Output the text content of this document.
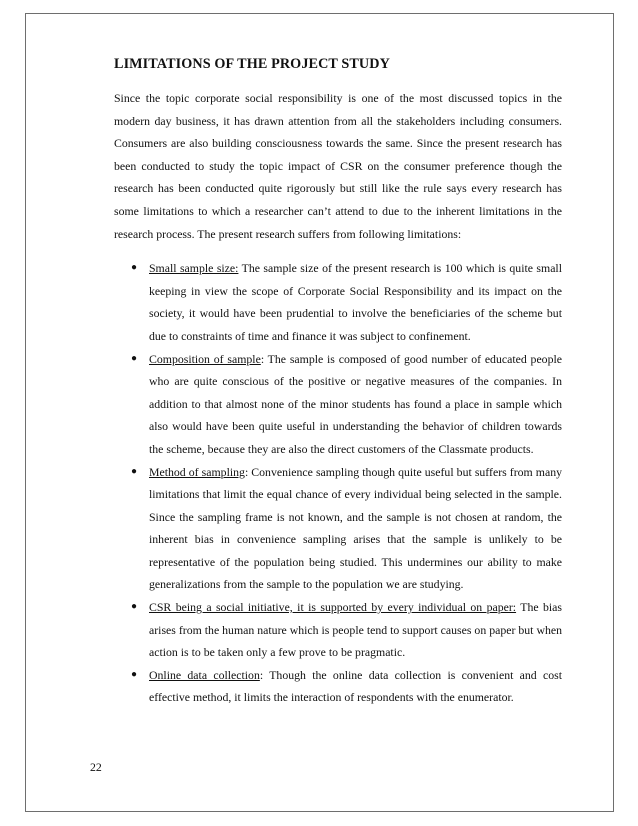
LIMITATIONS OF THE PROJECT STUDY

Since the topic corporate social responsibility is one of the most discussed topics in the modern day business, it has drawn attention from all the stakeholders including consumers. Consumers are also building consciousness towards the same. Since the present research has been conducted to study the topic impact of CSR on the consumer preference though the research has been conducted quite rigorously but still like the rule says every research has some limitations to which a researcher can’t attend to due to the inherent limitations in the research process. The present research suffers from following limitations:

● Small sample size: The sample size of the present research is 100 which is quite small keeping in view the scope of Corporate Social Responsibility and its impact on the society, it would have been prudential to involve the beneficiaries of the scheme but due to constraints of time and finance it was subject to confinement.
● Composition of sample: The sample is composed of good number of educated people who are quite conscious of the positive or negative measures of the companies. In addition to that almost none of the minor students has found a place in sample which also would have been quite useful in understanding the behavior of children towards the scheme, because they are also the direct customers of the Classmate products.
● Method of sampling: Convenience sampling though quite useful but suffers from many limitations that limit the equal chance of every individual being selected in the sample. Since the sampling frame is not known, and the sample is not chosen at random, the inherent bias in convenience sampling arises that the sample is unlikely to be representative of the population being studied. This undermines our ability to make generalizations from the sample to the population we are studying.
● CSR being a social initiative, it is supported by every individual on paper: The bias arises from the human nature which is people tend to support causes on paper but when action is to be taken only a few prove to be pragmatic.
● Online data collection: Though the online data collection is convenient and cost effective method, it limits the interaction of respondents with the enumerator.
22
